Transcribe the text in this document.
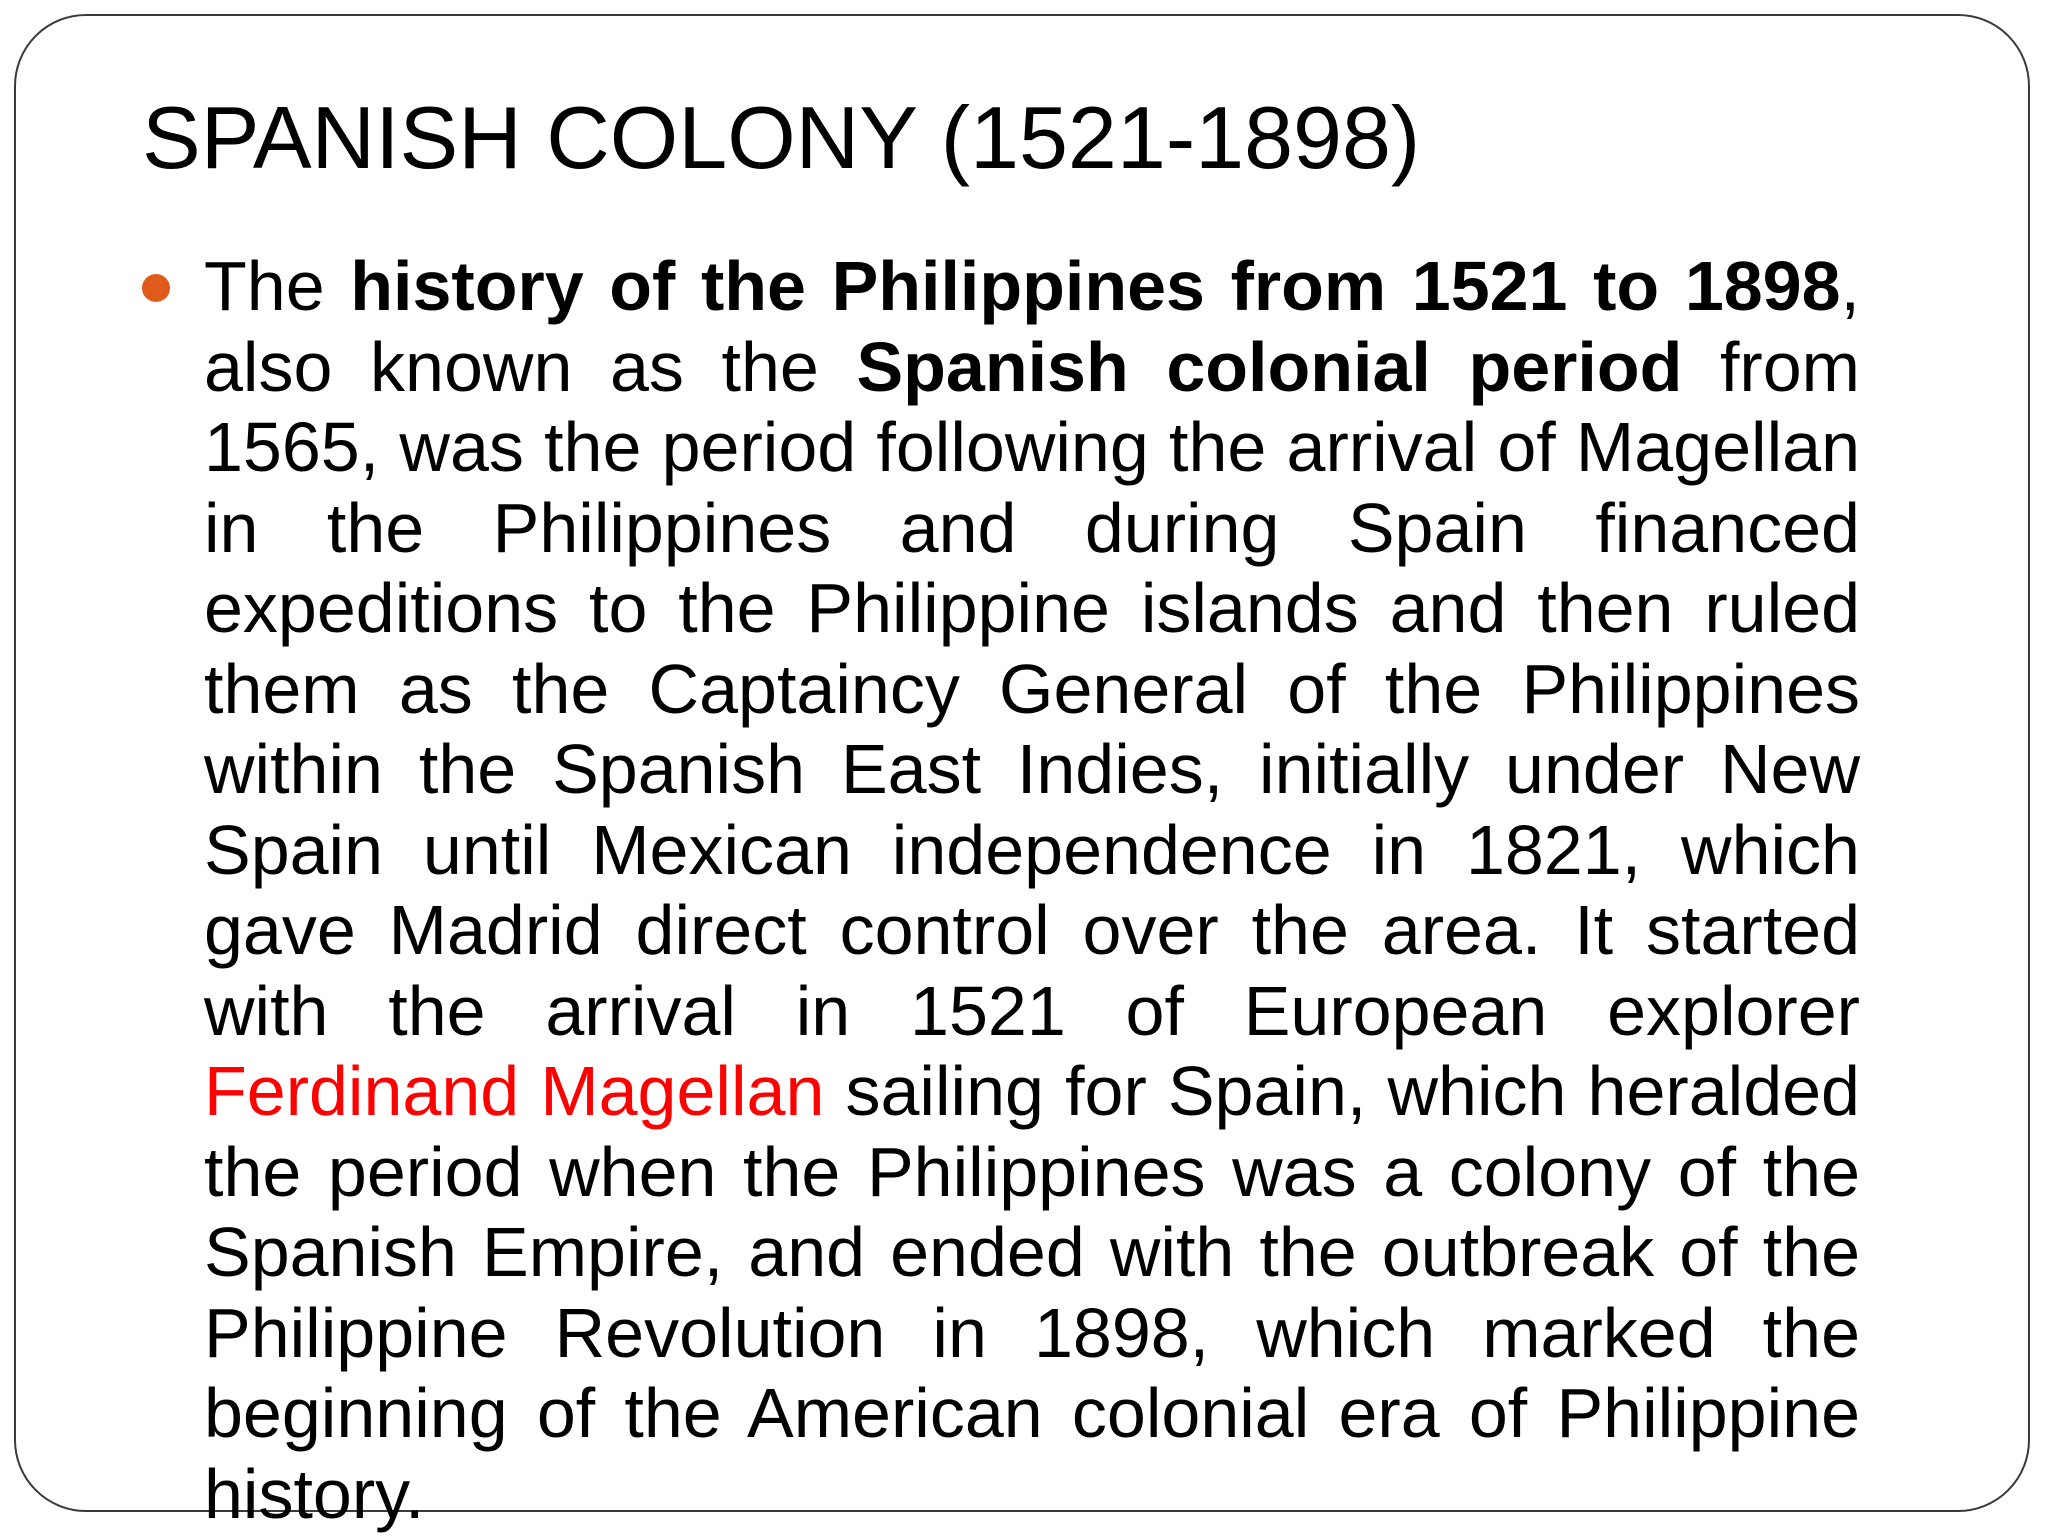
SPANISH COLONY (1521-1898)

The history of the Philippines from 1521 to 1898, also known as the Spanish colonial period from 1565, was the period following the arrival of Magellan in the Philippines and during Spain financed expeditions to the Philippine islands and then ruled them as the Captaincy General of the Philippines within the Spanish East Indies, initially under New Spain until Mexican independence in 1821, which gave Madrid direct control over the area. It started with the arrival in 1521 of European explorer Ferdinand Magellan sailing for Spain, which heralded the period when the Philippines was a colony of the Spanish Empire, and ended with the outbreak of the Philippine Revolution in 1898, which marked the beginning of the American colonial era of Philippine history.
